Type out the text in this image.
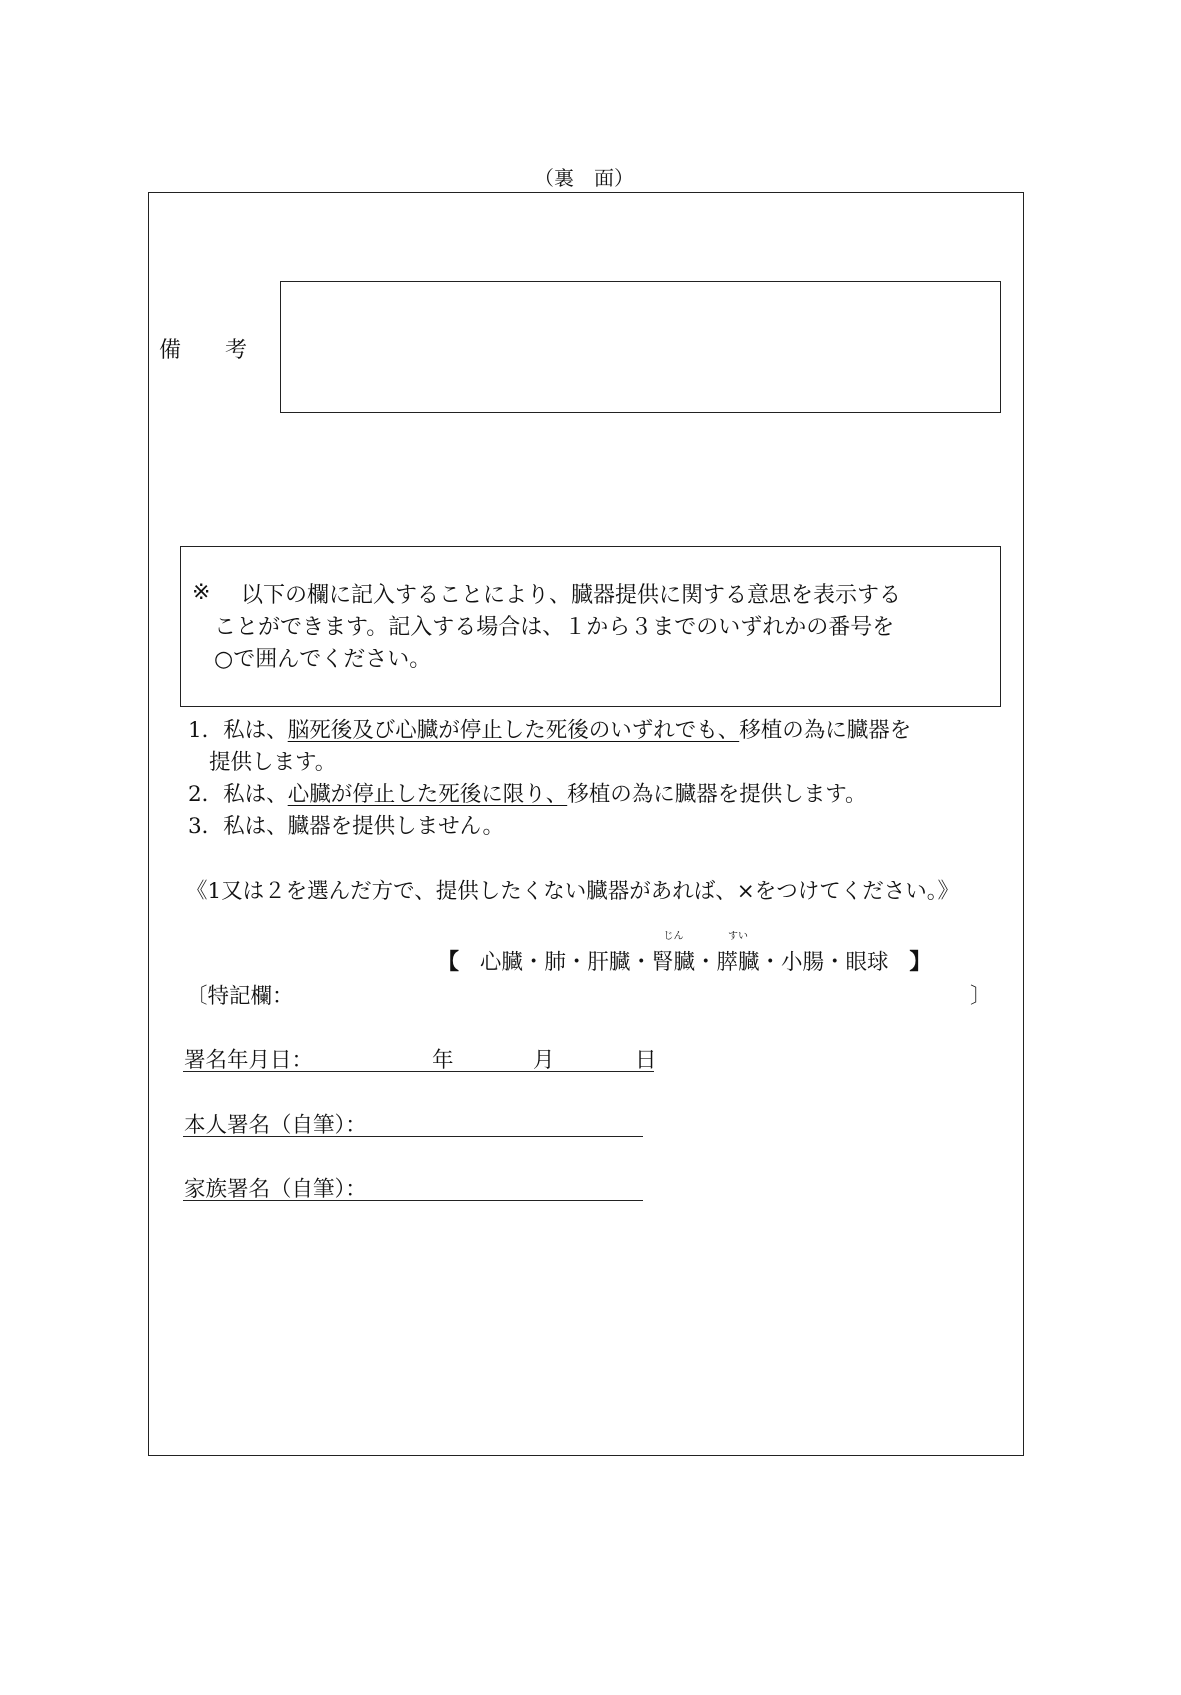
（裏　面）
備 考
※ 以下の欄に記入することにより、臓器提供に関する意思を表示する
ことができます。記入する場合は、１から３までのいずれかの番号を
○で囲んでください。
1．私は、脳死後及び心臓が停止した死後のいずれでも、移植の為に臓器を
提供します。
2．私は、心臓が停止した死後に限り、移植の為に臓器を提供します。
3．私は、臓器を提供しません。
《1又は２を選んだ方で、提供したくない臓器があれば、×をつけてください。》
【 心臓・肺・肝臓・
じん
腎臓・
すい
膵臓・小腸・眼球 】
〔特記欄：	〕
署名年月日：	年	月	日
本人署名（自筆）：
家族署名（自筆）：
